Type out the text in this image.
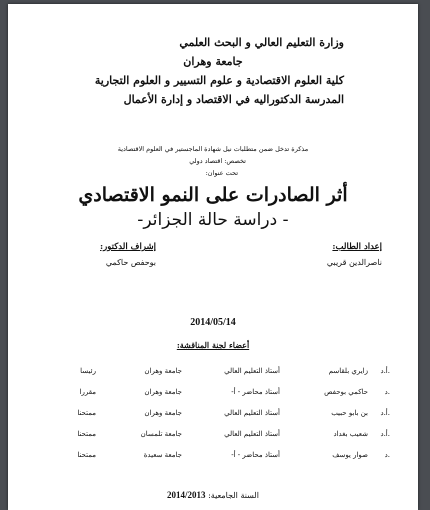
وزارة التعليم العالي و البحث العلمي
جامعة وهران
كلية العلوم الاقتصادية و علوم التسيير و العلوم التجارية
المدرسة الدكتوراليه في الاقتصاد و إدارة الأعمال
مذكرة تدخل ضمن متطلبات نيل شهادة الماجستير في العلوم الاقتصادية
تخصص: اقتصاد دولي
تحت عنوان:
أثر الصادرات على النمو الاقتصادي
- دراسة حالة الجزائر-
إعداد الطالب:
ناصرالدين قريبي
إشراف الدكتور:
بوحفص حاكمي
2014/05/14
أعضاء لجنة المناقشة:
أ.د.	زايري بلقاسم	أستاذ التعليم العالي	جامعة وهران	رئيسا
د.	حاكمي بوحفص	أستاذ محاضر - أ-	جامعة وهران	مقررا
أ.د.	بن بابو حبيب	أستاذ التعليم العالي	جامعة وهران	ممتحنا
أ.د.	شعيب بغداد	أستاذ التعليم العالي	جامعة تلمسان	ممتحنا
د.	صوار يوسف	أستاذ محاضر - أ-	جامعة سعيدة	ممتحنا
السنة الجامعية: 2014/2013
